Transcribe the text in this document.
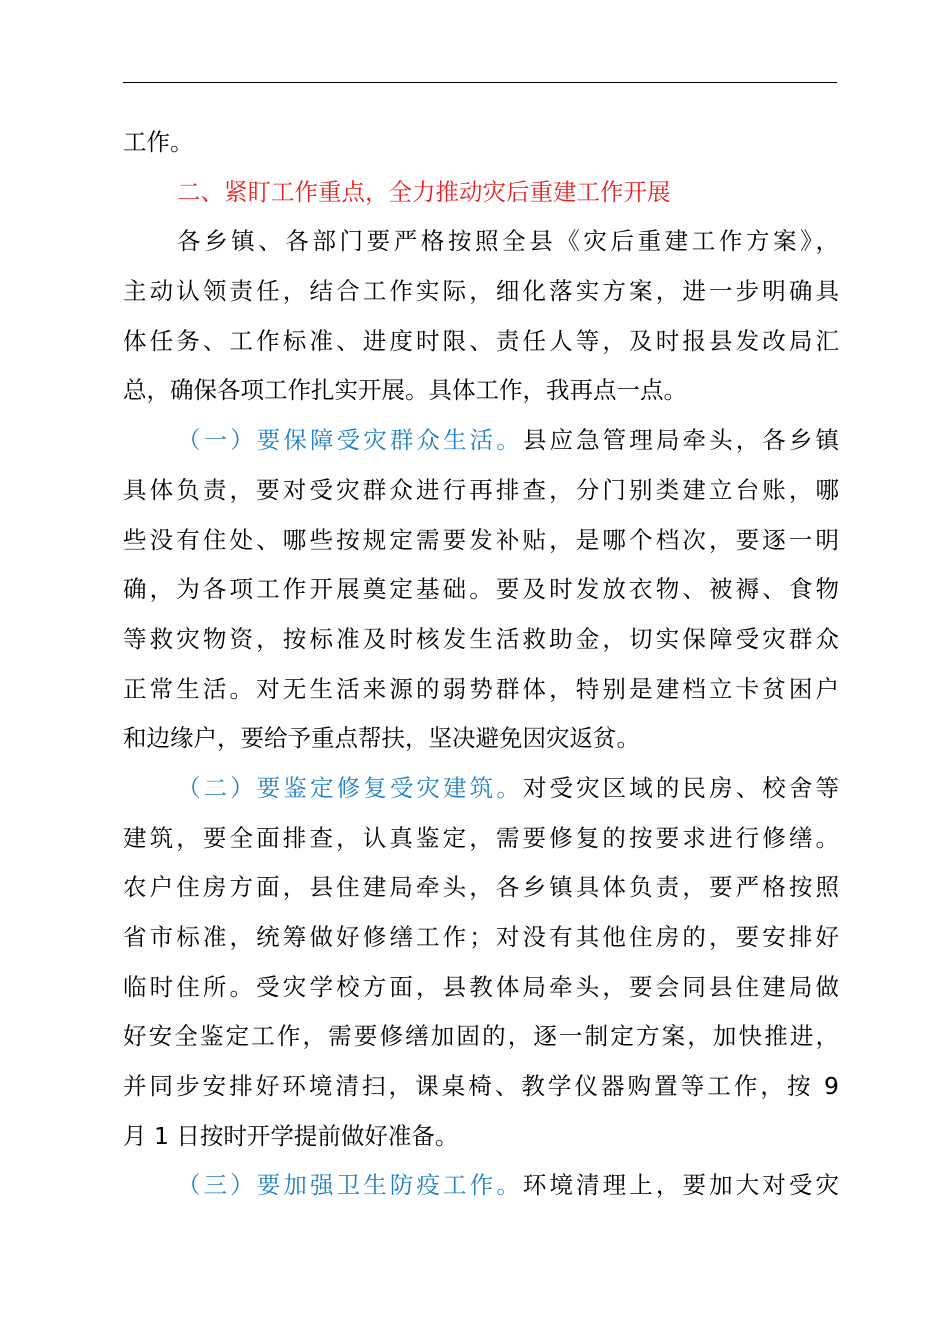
工作。
二、紧盯工作重点，全力推动灾后重建工作开展
各乡镇、各部门要严格按照全县《灾后重建工作方案》，
主动认领责任，结合工作实际，细化落实方案，进一步明确具
体任务、工作标准、进度时限、责任人等，及时报县发改局汇
总，确保各项工作扎实开展。具体工作，我再点一点。
（一）要保障受灾群众生活。县应急管理局牵头，各乡镇
具体负责，要对受灾群众进行再排查，分门别类建立台账，哪
些没有住处、哪些按规定需要发补贴，是哪个档次，要逐一明
确，为各项工作开展奠定基础。要及时发放衣物、被褥、食物
等救灾物资，按标准及时核发生活救助金，切实保障受灾群众
正常生活。对无生活来源的弱势群体，特别是建档立卡贫困户
和边缘户，要给予重点帮扶，坚决避免因灾返贫。
（二）要鉴定修复受灾建筑。对受灾区域的民房、校舍等
建筑，要全面排查，认真鉴定，需要修复的按要求进行修缮。
农户住房方面，县住建局牵头，各乡镇具体负责，要严格按照
省市标准，统筹做好修缮工作；对没有其他住房的，要安排好
临时住所。受灾学校方面，县教体局牵头，要会同县住建局做
好安全鉴定工作，需要修缮加固的，逐一制定方案，加快推进，
并同步安排好环境清扫，课桌椅、教学仪器购置等工作，按 9
月 1 日按时开学提前做好准备。
（三）要加强卫生防疫工作。环境清理上，要加大对受灾
